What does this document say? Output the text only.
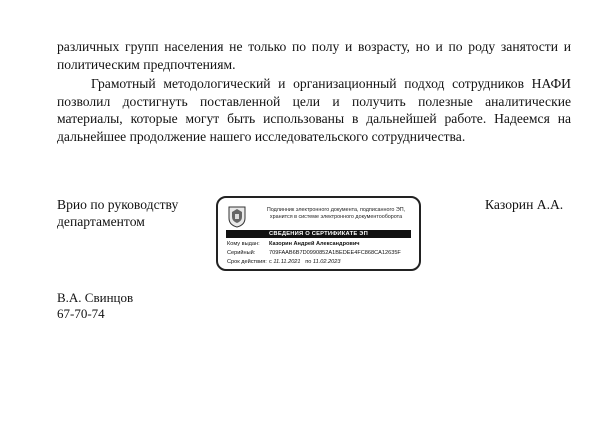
различных групп населения не только по полу и возрасту, но и по роду занятости и политическим предпочтениям.

Грамотный методологический и организационный подход сотрудников НАФИ позволил достигнуть поставленной цели и получить полезные аналитические материалы, которые могут быть использованы в дальнейшей работе. Надеемся на дальнейшее продолжение нашего исследовательского сотрудничества.

Врио по руководству
департаментом
Подлинник электронного документа, подписанного ЭП,
хранится в системе электронного документооборота
СВЕДЕНИЯ О СЕРТИФИКАТЕ ЭП
Кому выдан: Казорин Андрей Александрович
Серийный: 709FAAB6B7D0990852A1BEDEE4FC868CA12635F
Срок действия: с 11.11.2021 по 11.02.2023
Казорин А.А.
В.А. Свинцов
67-70-74
